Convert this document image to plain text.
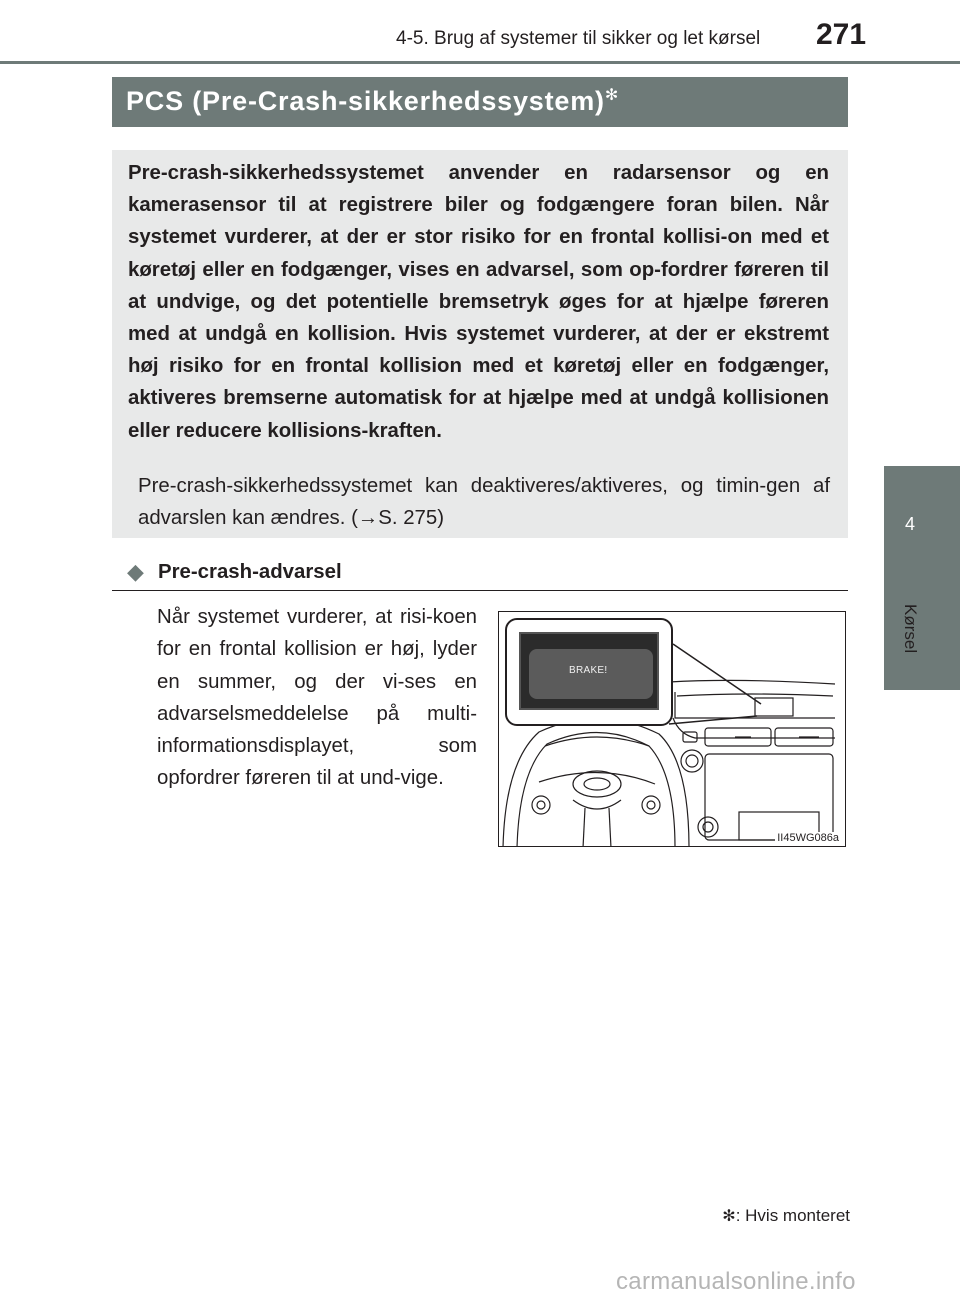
4-5. Brug af systemer til sikker og let kørsel	271
4
Kørsel
PCS (Pre-Crash-sikkerhedssystem)✻

Pre-crash-sikkerhedssystemet anvender en radarsensor og en kamerasensor til at registrere biler og fodgængere foran bilen. Når systemet vurderer, at der er stor risiko for en frontal kollisi-on med et køretøj eller en fodgænger, vises en advarsel, som op-fordrer føreren til at undvige, og det potentielle bremsetryk øges for at hjælpe føreren med at undgå en kollision. Hvis systemet vurderer, at der er ekstremt høj risiko for en frontal kollision med et køretøj eller en fodgænger, aktiveres bremserne automatisk for at hjælpe med at undgå kollisionen eller reducere kollisions-kraften.

Pre-crash-sikkerhedssystemet kan deaktiveres/aktiveres, og timin-gen af advarslen kan ændres. (→S. 275)

◆ Pre-crash-advarsel

Når systemet vurderer, at risi-koen for en frontal kollision er høj, lyder en summer, og der vi-ses en advarselsmeddelelse på multi-informationsdisplayet, som opfordrer føreren til at und-vige.

BRAKE!
II45WG086a
✻: Hvis monteret
carmanualsonline.info
